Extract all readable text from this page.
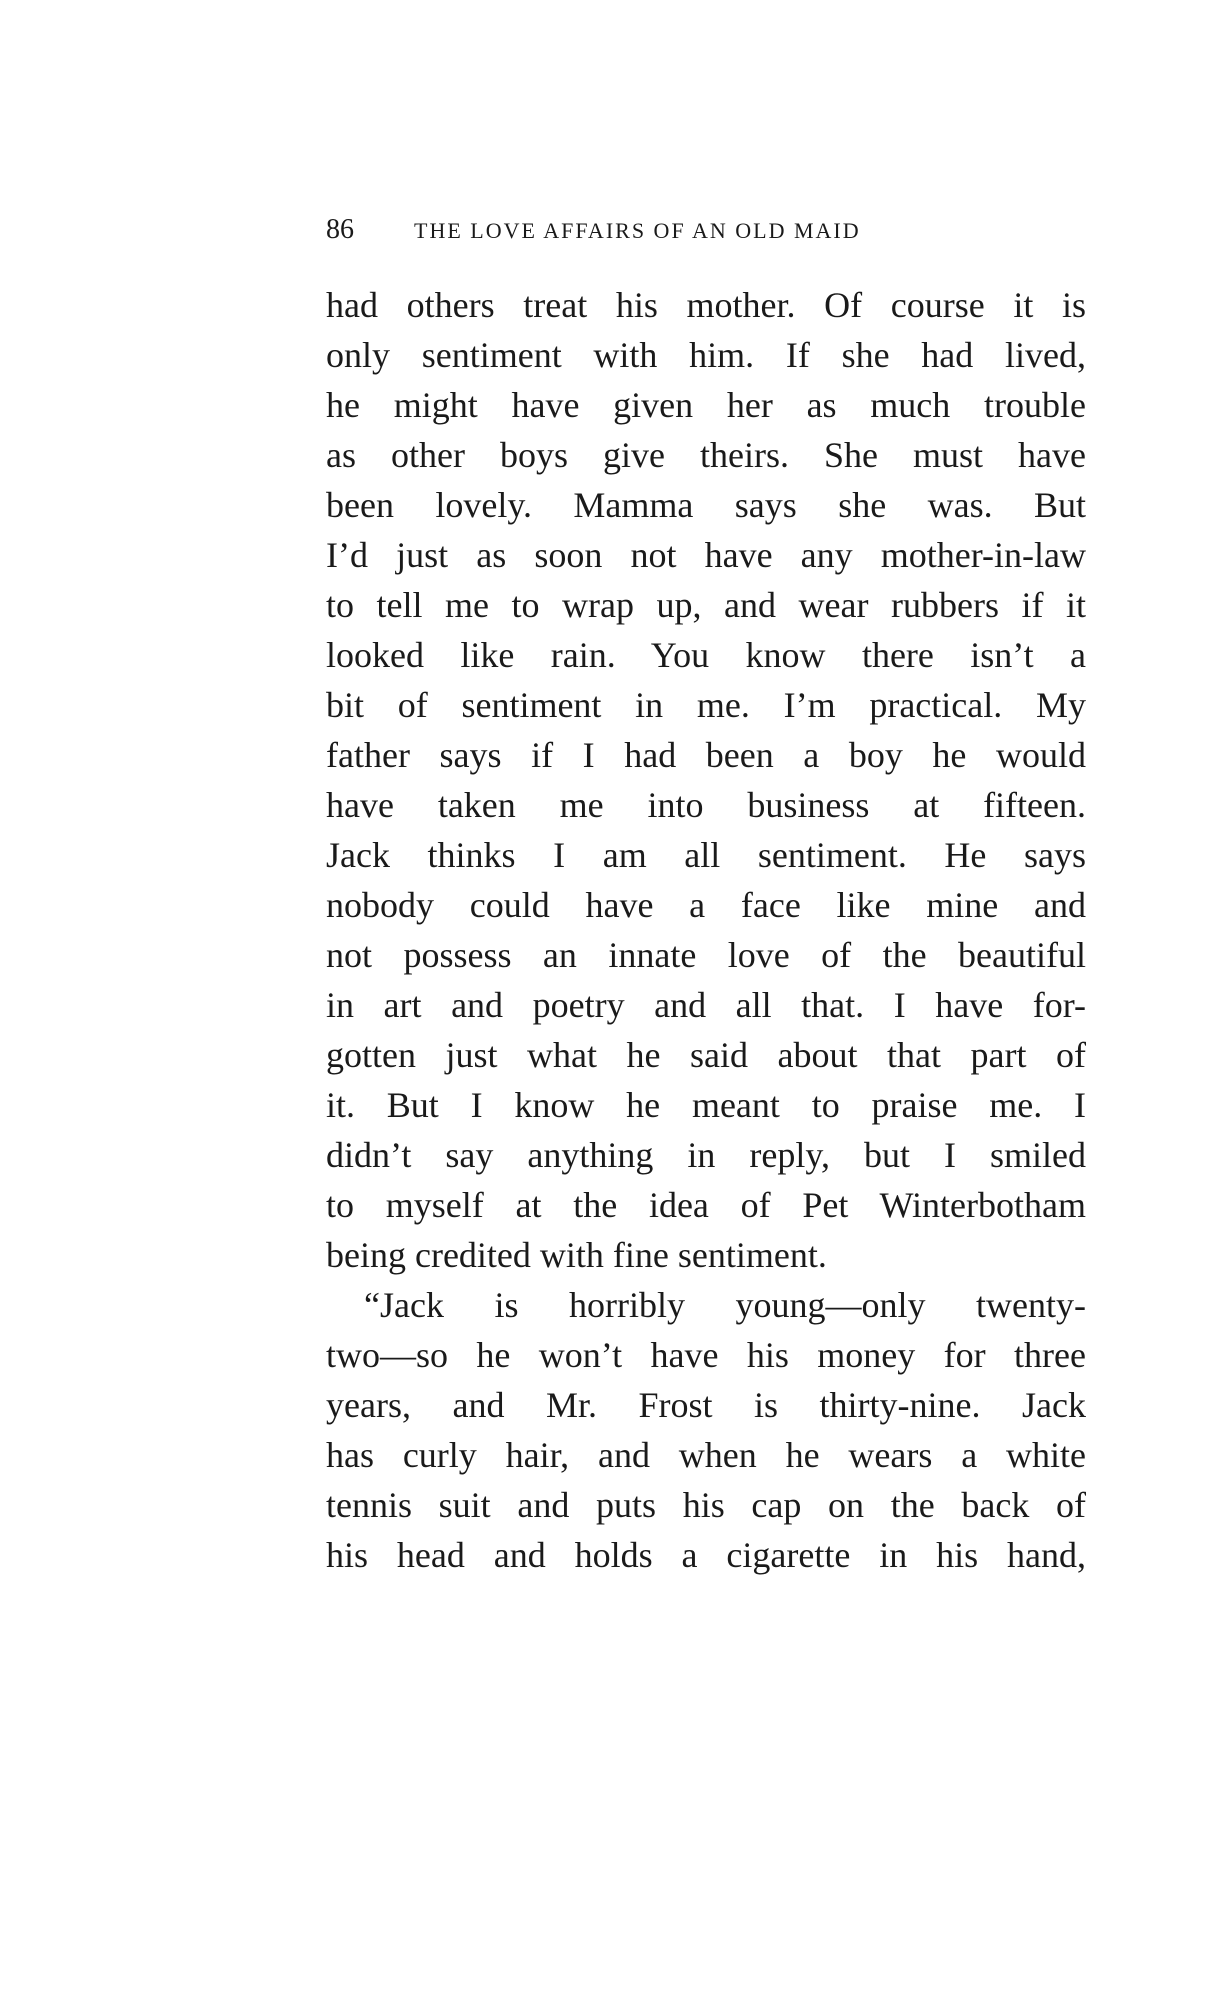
86	THE LOVE AFFAIRS OF AN OLD MAID
had others treat his mother. Of course it is
only sentiment with him. If she had lived,
he might have given her as much trouble
as other boys give theirs. She must have
been lovely. Mamma says she was. But
I’d just as soon not have any mother-in-law
to tell me to wrap up, and wear rubbers if it
looked like rain. You know there isn’t a
bit of sentiment in me. I’m practical. My
father says if I had been a boy he would
have taken me into business at fifteen.
Jack thinks I am all sentiment. He says
nobody could have a face like mine and
not possess an innate love of the beautiful
in art and poetry and all that. I have for-
gotten just what he said about that part of
it. But I know he meant to praise me. I
didn’t say anything in reply, but I smiled
to myself at the idea of Pet Winterbotham
being credited with fine sentiment.
“Jack is horribly young—only twenty-
two—so he won’t have his money for three
years, and Mr. Frost is thirty-nine. Jack
has curly hair, and when he wears a white
tennis suit and puts his cap on the back of
his head and holds a cigarette in his hand,
